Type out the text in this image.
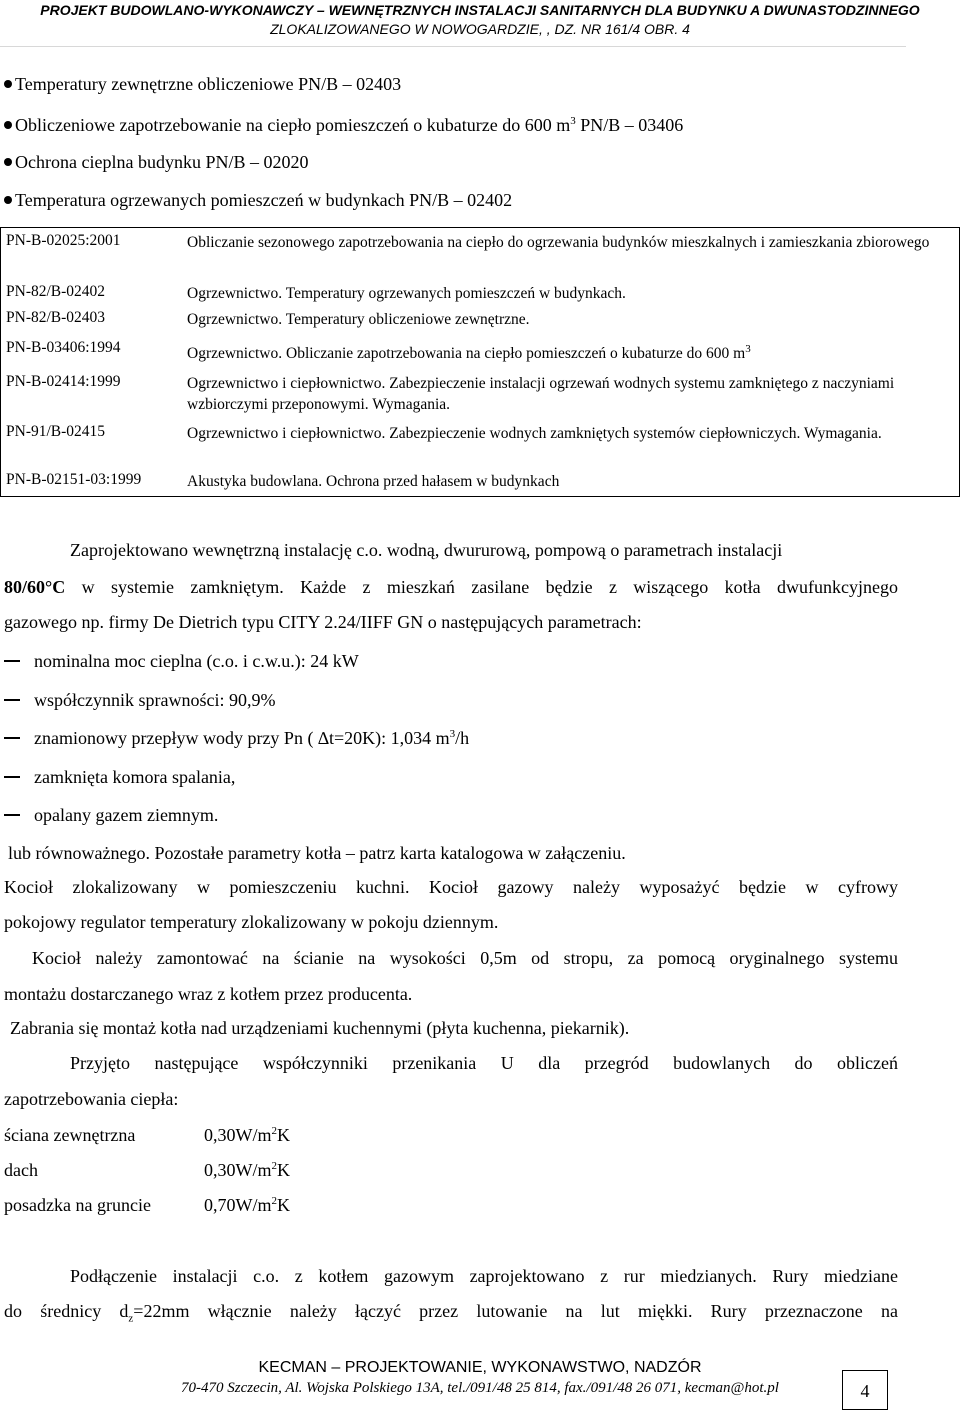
PROJEKT BUDOWLANO-WYKONAWCZY – WEWNĘTRZNYCH INSTALACJI SANITARNYCH DLA BUDYNKU A DWUNASTODZINNEGO
ZLOKALIZOWANEGO W NOWOGARDZIE, , DZ. NR 161/4 OBR. 4
Temperatury zewnętrzne obliczeniowe PN/B – 02403
Obliczeniowe zapotrzebowanie na ciepło pomieszczeń o kubaturze do 600 $m^3$ PN/B – 03406
Ochrona cieplna budynku PN/B – 02020
Temperatura ogrzewanych pomieszczeń w budynkach PN/B – 02402
PN-B-02025:2001	Obliczanie sezonowego zapotrzebowania na ciepło do ogrzewania budynków mieszkalnych i zamieszkania zbiorowego
PN-82/B-02402	Ogrzewnictwo. Temperatury ogrzewanych pomieszczeń w budynkach.
PN-82/B-02403	Ogrzewnictwo. Temperatury obliczeniowe zewnętrzne.
PN-B-03406:1994	Ogrzewnictwo. Obliczanie zapotrzebowania na ciepło pomieszczeń o kubaturze do 600 $m^3$
PN-B-02414:1999	Ogrzewnictwo i ciepłownictwo. Zabezpieczenie instalacji ogrzewań wodnych systemu zamkniętego z naczyniami wzbiorczymi przeponowymi. Wymagania.
PN-91/B-02415	Ogrzewnictwo i ciepłownictwo. Zabezpieczenie wodnych zamkniętych systemów ciepłowniczych. Wymagania.
PN-B-02151-03:1999	Akustyka budowlana. Ochrona przed hałasem w budynkach
Zaprojektowano wewnętrzną instalację c.o. wodną, dwururową, pompową o parametrach instalacji
80/60°C w systemie zamkniętym. Każde z mieszkań zasilane będzie z wiszącego kotła dwufunkcyjnego
gazowego np. firmy De Dietrich typu CITY 2.24/IIFF GN o następujących parametrach:
nominalna moc cieplna (c.o. i c.w.u.): 24 kW
współczynnik sprawności: 90,9%
znamionowy przepływ wody przy Pn ( ∆t=20K): 1,034 $m^3/h$
zamknięta komora spalania,
opalany gazem ziemnym.
lub równoważnego. Pozostałe parametry kotła – patrz karta katalogowa w załączeniu.
Kocioł zlokalizowany w pomieszczeniu kuchni. Kocioł gazowy należy wyposażyć będzie w cyfrowy
pokojowy regulator temperatury zlokalizowany w pokoju dziennym.
Kocioł należy zamontować na ścianie na wysokości 0,5m od stropu, za pomocą oryginalnego systemu
montażu dostarczanego wraz z kotłem przez producenta.
Zabrania się montaż kotła nad urządzeniami kuchennymi (płyta kuchenna, piekarnik).
Przyjęto następujące współczynniki przenikania U dla przegród budowlanych do obliczeń
zapotrzebowania ciepła:
ściana zewnętrzna	$0,30W/m^2K$
dach	$0,30W/m^2K$
posadzka na gruncie	$0,70W/m^2K$
Podłączenie instalacji c.o. z kotłem gazowym zaprojektowano z rur miedzianych. Rury miedziane
do średnicy $d_z=22mm$ włącznie należy łączyć przez lutowanie na lut miękki. Rury przeznaczone na
KECMAN – PROJEKTOWANIE, WYKONAWSTWO, NADZÓR
70-470 Szczecin, Al. Wojska Polskiego 13A, tel./091/48 25 814, fax./091/48 26 071, kecman@hot.pl	4
